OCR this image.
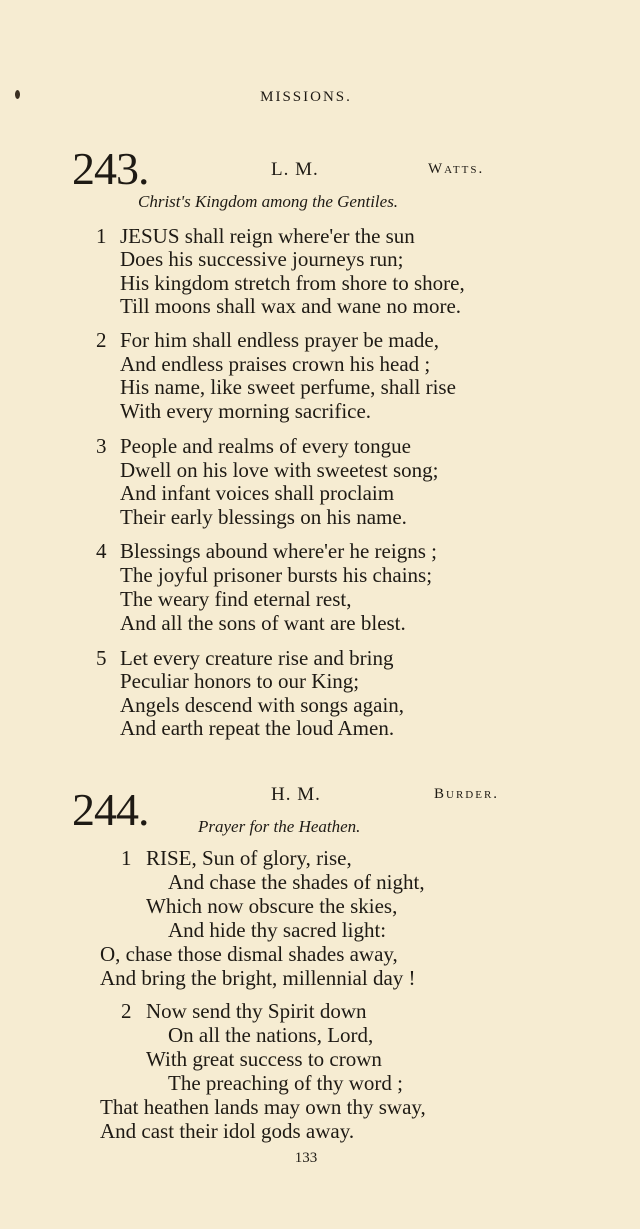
MISSIONS.
243.	L. M.	Watts.
Christ's Kingdom among the Gentiles.
1 JESUS shall reign where'er the sun
Does his successive journeys run;
His kingdom stretch from shore to shore,
Till moons shall wax and wane no more.
2 For him shall endless prayer be made,
And endless praises crown his head ;
His name, like sweet perfume, shall rise
With every morning sacrifice.
3 People and realms of every tongue
Dwell on his love with sweetest song;
And infant voices shall proclaim
Their early blessings on his name.
4 Blessings abound where'er he reigns ;
The joyful prisoner bursts his chains;
The weary find eternal rest,
And all the sons of want are blest.
5 Let every creature rise and bring
Peculiar honors to our King;
Angels descend with songs again,
And earth repeat the loud Amen.
244.	H. M.	Burder.
Prayer for the Heathen.
1 RISE, Sun of glory, rise,
And chase the shades of night,
Which now obscure the skies,
And hide thy sacred light:
O, chase those dismal shades away,
And bring the bright, millennial day !
2 Now send thy Spirit down
On all the nations, Lord,
With great success to crown
The preaching of thy word ;
That heathen lands may own thy sway,
And cast their idol gods away.
133
